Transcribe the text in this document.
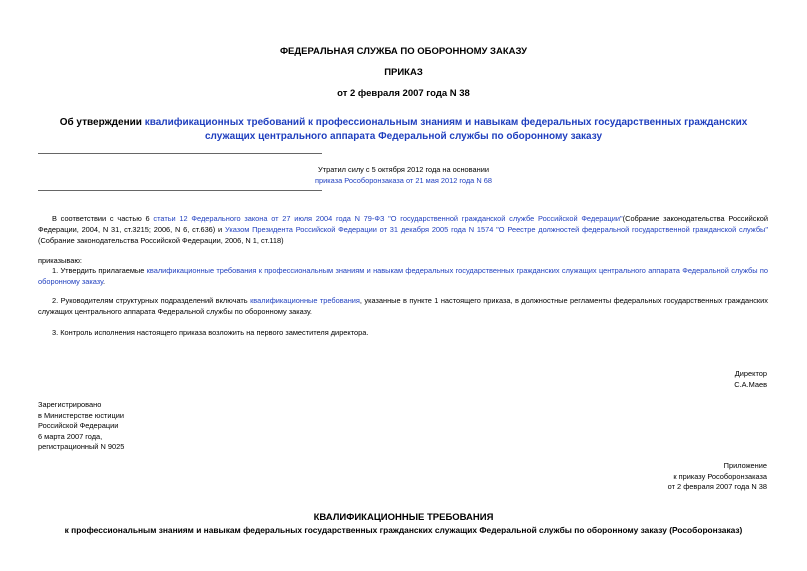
ФЕДЕРАЛЬНАЯ СЛУЖБА ПО ОБОРОННОМУ ЗАКАЗУ
ПРИКАЗ
от 2 февраля 2007 года N 38
Об утверждении квалификационных требований к профессиональным знаниям и навыкам федеральных государственных гражданских служащих центрального аппарата Федеральной службы по оборонному заказу
Утратил силу с 5 октября 2012 года на основании
приказа Рособоронзаказа от 21 мая 2012 года N 68
В соответствии с частью 6 статьи 12 Федерального закона от 27 июля 2004 года N 79-ФЗ "О государственной гражданской службе Российской Федерации"(Собрание законодательства Российской Федерации, 2004, N 31, ст.3215; 2006, N 6, ст.636) и Указом Президента Российской Федерации от 31 декабря 2005 года N 1574 "О Реестре должностей федеральной государственной гражданской службы" (Собрание законодательства Российской Федерации, 2006, N 1, ст.118)
приказываю:
1. Утвердить прилагаемые квалификационные требования к профессиональным знаниям и навыкам федеральных государственных гражданских служащих центрального аппарата Федеральной службы по оборонному заказу.
2. Руководителям структурных подразделений включать квалификационные требования, указанные в пункте 1 настоящего приказа, в должностные регламенты федеральных государственных гражданских служащих центрального аппарата Федеральной службы по оборонному заказу.
3. Контроль исполнения настоящего приказа возложить на первого заместителя директора.
Директор
С.А.Маев
Зарегистрировано
в Министерстве юстиции
Российской Федерации
6 марта 2007 года,
регистрационный N 9025
Приложение
к приказу Рособоронзаказа
от 2 февраля 2007 года N 38
КВАЛИФИКАЦИОННЫЕ ТРЕБОВАНИЯ
к профессиональным знаниям и навыкам федеральных государственных гражданских служащих Федеральной службы по оборонному заказу (Рособоронзаказ)
